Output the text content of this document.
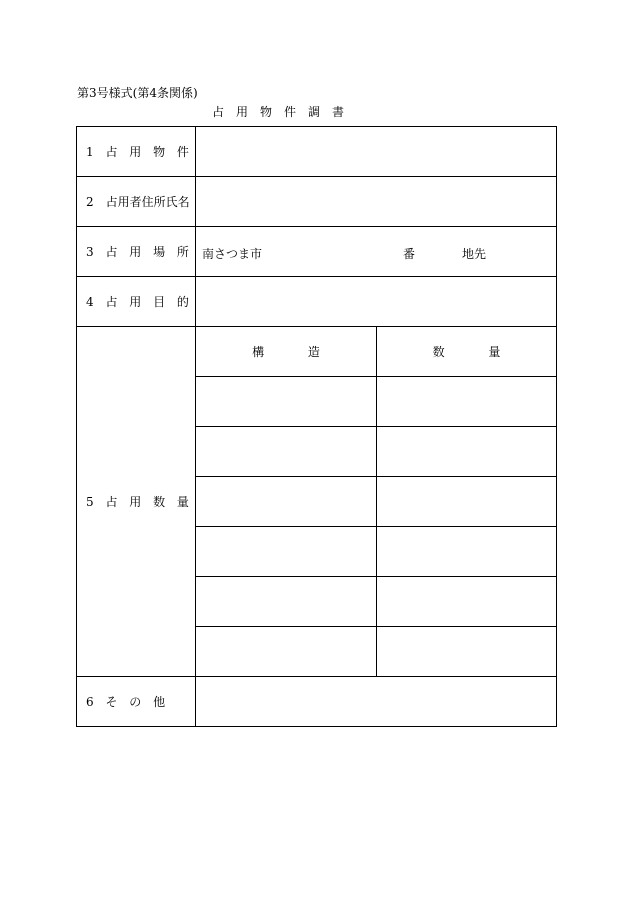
第3号様式(第4条関係)
占　用　物　件　調　書
1 占 用 物 件		
2　占用者住所氏名		
3 占 用 場 所	南さつま市 番 地先	

4 占 用 目 的		
5 占 用 数 量	構 造	数 量

6 そ の 他		
